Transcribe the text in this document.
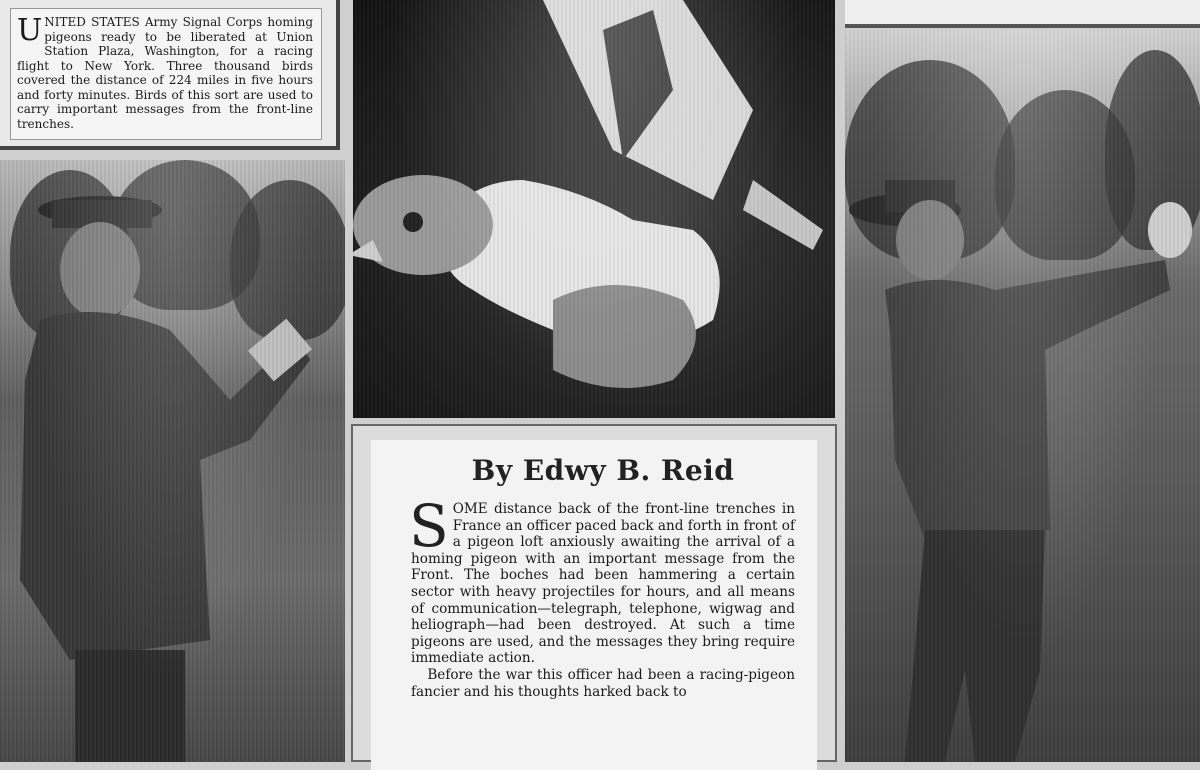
UNITED STATES Army Signal Corps homing pigeons ready to be liberated at Union Station Plaza, Washington, for a racing flight to New York. Three thousand birds covered the distance of 224 miles in five hours and forty minutes. Birds of this sort are used to carry important messages from the front-line trenches.

By Edwy B. Reid

SOME distance back of the front-line trenches in France an officer paced back and forth in front of a pigeon loft anxiously awaiting the arrival of a homing pigeon with an important message from the Front. The boches had been hammering a certain sector with heavy projectiles for hours, and all means of communication—telegraph, telephone, wigwag and heliograph—had been destroyed. At such a time pigeons are used, and the messages they bring require immediate action.

Before the war this officer had been a racing-pigeon fancier and his thoughts harked back to
